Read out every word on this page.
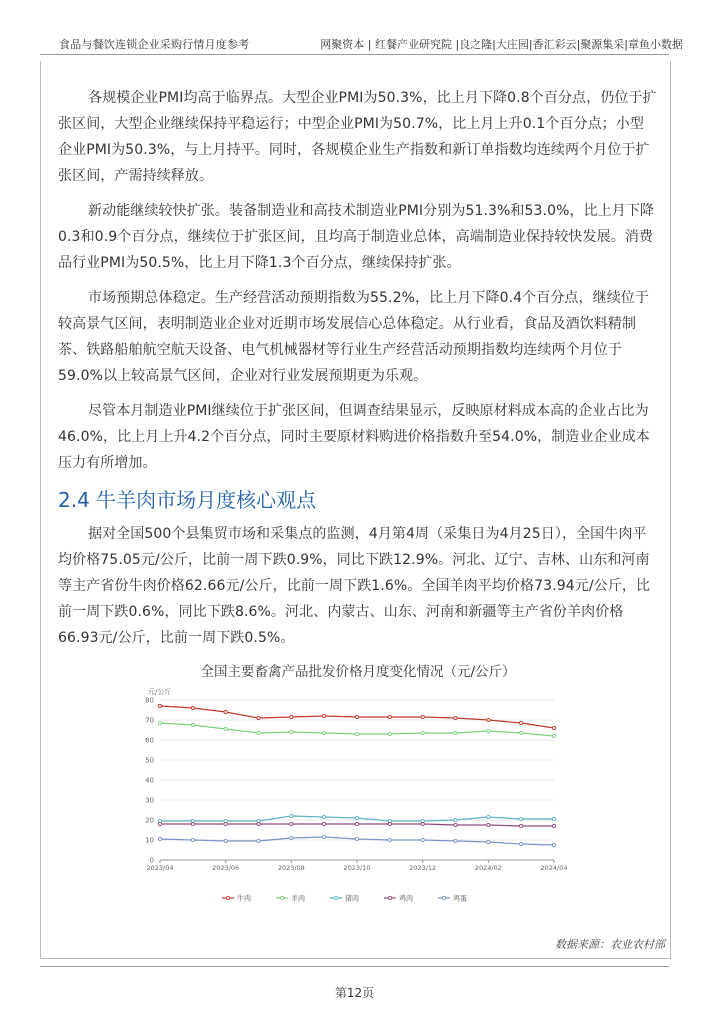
食品与餐饮连锁企业采购行情月度参考	网聚资本 | 红餐产业研究院 |良之隆|大庄园|香汇彩云|聚源集采|章鱼小数据

各规模企业PMI均高于临界点。大型企业PMI为50.3%，比上月下降0.8个百分点，仍位于扩张区间，大型企业继续保持平稳运行；中型企业PMI为50.7%，比上月上升0.1个百分点；小型企业PMI为50.3%，与上月持平。同时，各规模企业生产指数和新订单指数均连续两个月位于扩张区间，产需持续释放。

新动能继续较快扩张。装备制造业和高技术制造业PMI分别为51.3%和53.0%，比上月下降0.3和0.9个百分点，继续位于扩张区间，且均高于制造业总体，高端制造业保持较快发展。消费品行业PMI为50.5%，比上月下降1.3个百分点，继续保持扩张。

市场预期总体稳定。生产经营活动预期指数为55.2%，比上月下降0.4个百分点，继续位于较高景气区间，表明制造业企业对近期市场发展信心总体稳定。从行业看，食品及酒饮料精制茶、铁路船舶航空航天设备、电气机械器材等行业生产经营活动预期指数均连续两个月位于59.0%以上较高景气区间，企业对行业发展预期更为乐观。

尽管本月制造业PMI继续位于扩张区间，但调查结果显示，反映原材料成本高的企业占比为46.0%，比上月上升4.2个百分点，同时主要原材料购进价格指数升至54.0%，制造业企业成本压力有所增加。

2.4 牛羊肉市场月度核心观点

据对全国500个县集贸市场和采集点的监测，4月第4周（采集日为4月25日），全国牛肉平均价格75.05元/公斤，比前一周下跌0.9%，同比下跌12.9%。河北、辽宁、吉林、山东和河南等主产省份牛肉价格62.66元/公斤，比前一周下跌1.6%。全国羊肉平均价格73.94元/公斤，比前一周下跌0.6%，同比下跌8.6%。河北、内蒙古、山东、河南和新疆等主产省份羊肉价格66.93元/公斤，比前一周下跌0.5%。

全国主要畜禽产品批发价格月度变化情况（元/公斤）
元/公斤
0
10
20
30
40
50
60
70
80
2023/04	2023/06	2023/08	2023/10	2023/12	2024/02	2024/04
牛肉	羊肉	猪肉	鸡肉	鸡蛋
数据来源：农业农村部
第12页
